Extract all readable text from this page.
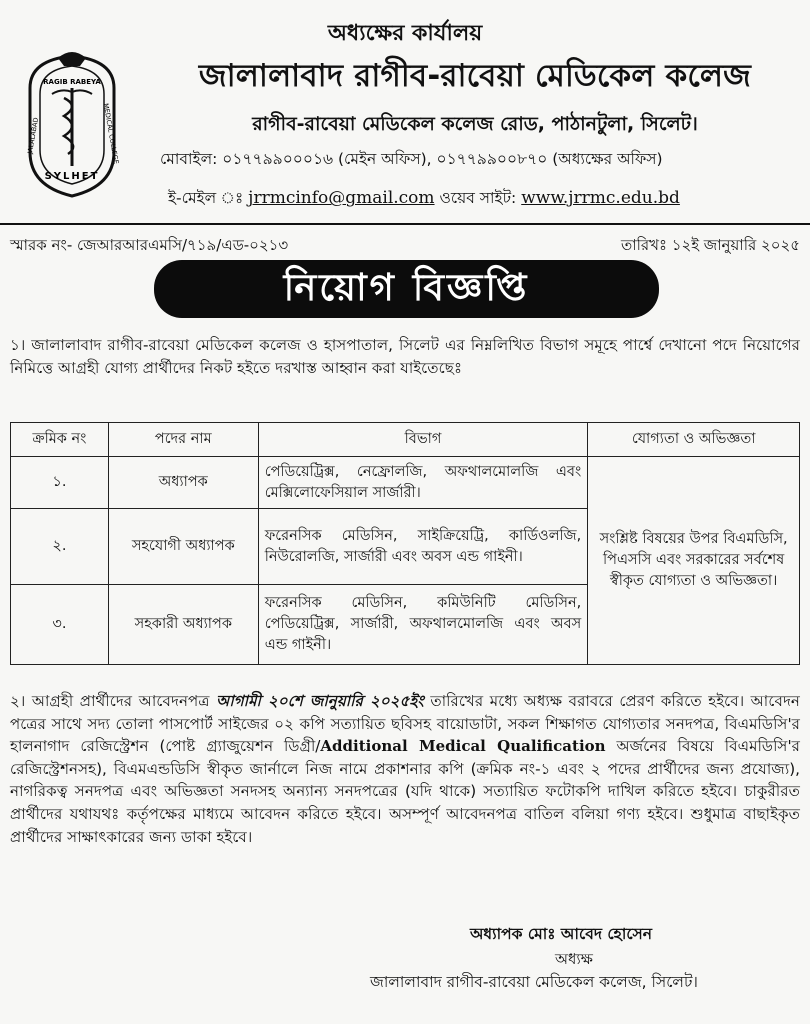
RAGIB RABEYA
JALALABAD	MEDICAL COLLEGE
SYLHET
অধ্যক্ষের কার্যালয়
জালালাবাদ রাগীব-রাবেয়া মেডিকেল কলেজ
রাগীব-রাবেয়া মেডিকেল কলেজ রোড, পাঠানটুলা, সিলেট।
মোবাইল: ০১৭৭৯৯০০০১৬ (মেইন অফিস), ০১৭৭৯৯০০৮৭০ (অধ্যক্ষের অফিস)
ই-মেইল ঃ jrrmcinfo@gmail.com ওয়েব সাইট: www.jrrmc.edu.bd
স্মারক নং- জেআরআরএমসি/৭১৯/এড-০২১৩	তারিখঃ ১২ই জানুয়ারি ২০২৫
নিয়োগ বিজ্ঞপ্তি

১। জালালাবাদ রাগীব-রাবেয়া মেডিকেল কলেজ ও হাসপাতাল, সিলেট এর নিম্নলিখিত বিভাগ সমূহে পার্শ্বে দেখানো পদে নিয়োগের নিমিত্তে আগ্রহী যোগ্য প্রার্থীদের নিকট হইতে দরখাস্ত আহ্বান করা যাইতেছেঃ

ক্রমিক নং	পদের নাম	বিভাগ	যোগ্যতা ও অভিজ্ঞতা
১.	অধ্যাপক	পেডিয়েট্রিক্স, নেফ্রোলজি, অফথালমোলজি এবং মেক্সিলোফেসিয়াল সার্জারী।	সংশ্লিষ্ট বিষয়ের উপর বিএমডিসি, পিএসসি এবং সরকারের সর্বশেষ স্বীকৃত যোগ্যতা ও অভিজ্ঞতা।
২.	সহযোগী অধ্যাপক	ফরেনসিক মেডিসিন, সাইক্রিয়েট্রি, কার্ডিওলজি, নিউরোলজি, সার্জারী এবং অবস এন্ড গাইনী।	
৩.	সহকারী অধ্যাপক	ফরেনসিক মেডিসিন, কমিউনিটি মেডিসিন, পেডিয়েট্রিক্স, সার্জারী, অফথালমোলজি এবং অবস এন্ড গাইনী।	

২। আগ্রহী প্রার্থীদের আবেদনপত্র আগামী ২০শে জানুয়ারি ২০২৫ইং তারিখের মধ্যে অধ্যক্ষ বরাবরে প্রেরণ করিতে হইবে। আবেদন পত্রের সাথে সদ্য তোলা পাসপোর্ট সাইজের ০২ কপি সত্যায়িত ছবিসহ বায়োডাটা, সকল শিক্ষাগত যোগ্যতার সনদপত্র, বিএমডিসি'র হালনাগাদ রেজিস্ট্রেশন (পোষ্ট গ্র্যাজুয়েশন ডিগ্রী/Additional Medical Qualification অর্জনের বিষয়ে বিএমডিসি'র রেজিস্ট্রেশনসহ), বিএমএন্ডডিসি স্বীকৃত জার্নালে নিজ নামে প্রকাশনার কপি (ক্রমিক নং-১ এবং ২ পদের প্রার্থীদের জন্য প্রযোজ্য), নাগরিকত্ব সনদপত্র এবং অভিজ্ঞতা সনদসহ অন্যান্য সনদপত্রের (যদি থাকে) সত্যায়িত ফটোকপি দাখিল করিতে হইবে। চাকুরীরত প্রার্থীদের যথাযথঃ কর্তৃপক্ষের মাধ্যমে আবেদন করিতে হইবে। অসম্পূর্ণ আবেদনপত্র বাতিল বলিয়া গণ্য হইবে। শুধুমাত্র বাছাইকৃত প্রার্থীদের সাক্ষাৎকারের জন্য ডাকা হইবে।

অধ্যাপক মোঃ আবেদ হোসেন
অধ্যক্ষ
জালালাবাদ রাগীব-রাবেয়া মেডিকেল কলেজ, সিলেট।
